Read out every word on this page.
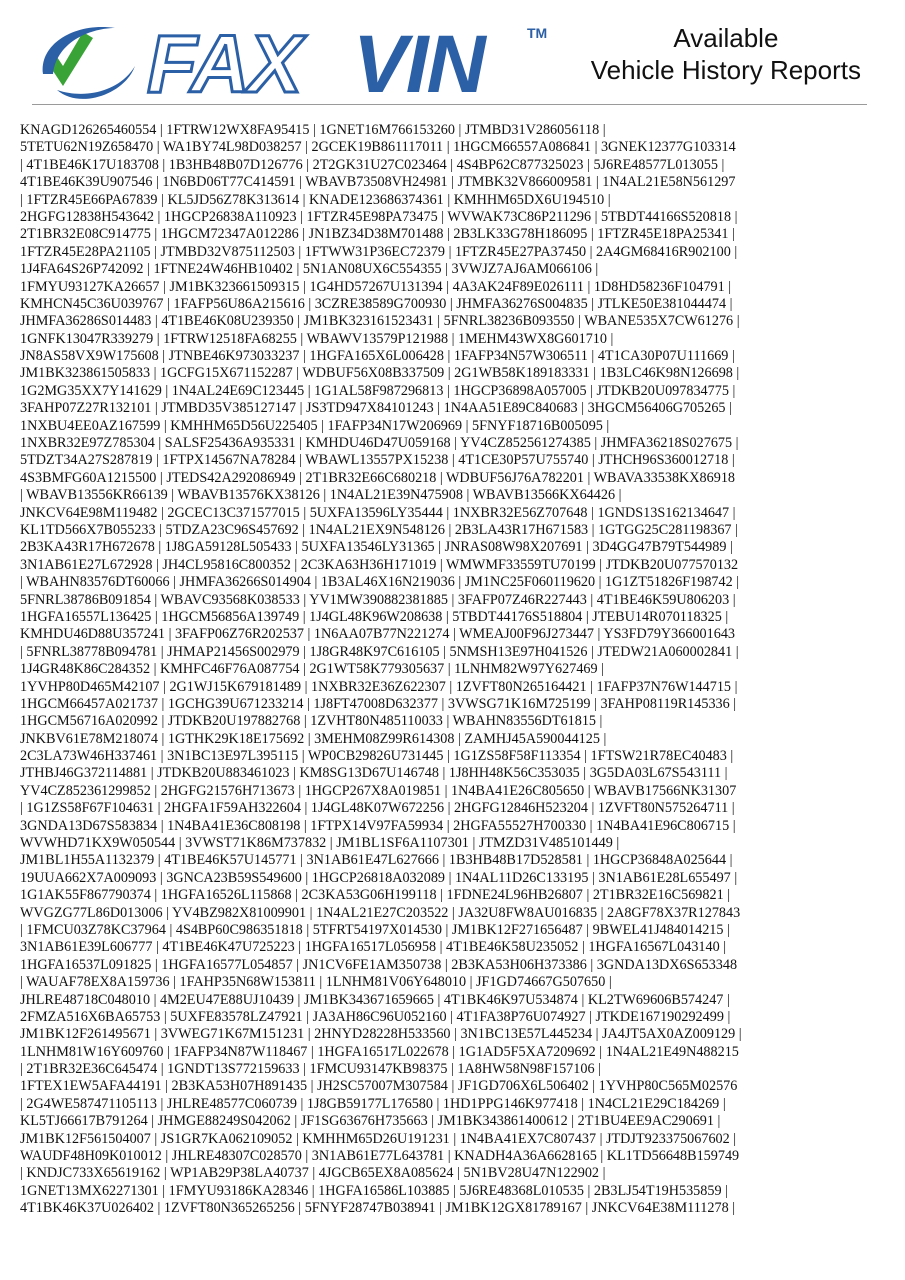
FAX VIN	TM	Available
Vehicle History Reports
KNAGD126265460554 | 1FTRW12WX8FA95415 | 1GNET16M766153260 | JTMBD31V286056118 |
5TETU62N19Z658470 | WA1BY74L98D038257 | 2GCEK19B861117011 | 1HGCM66557A086841 | 3GNEK12377G103314
| 4T1BE46K17U183708 | 1B3HB48B07D126776 | 2T2GK31U27C023464 | 4S4BP62C877325023 | 5J6RE48577L013055 |
4T1BE46K39U907546 | 1N6BD06T77C414591 | WBAVB73508VH24981 | JTMBK32V866009581 | 1N4AL21E58N561297
| 1FTZR45E66PA67839 | KL5JD56Z78K313614 | KNADE123686374361 | KMHHM65DX6U194510 |
2HGFG12838H543642 | 1HGCP26838A110923 | 1FTZR45E98PA73475 | WVWAK73C86P211296 | 5TBDT44166S520818 |
2T1BR32E08C914775 | 1HGCM72347A012286 | JN1BZ34D38M701488 | 2B3LK33G78H186095 | 1FTZR45E18PA25341 |
1FTZR45E28PA21105 | JTMBD32V875112503 | 1FTWW31P36EC72379 | 1FTZR45E27PA37450 | 2A4GM68416R902100 |
1J4FA64S26P742092 | 1FTNE24W46HB10402 | 5N1AN08UX6C554355 | 3VWJZ7AJ6AM066106 |
1FMYU93127KA26657 | JM1BK323661509315 | 1G4HD57267U131394 | 4A3AK24F89E026111 | 1D8HD58236F104791 |
KMHCN45C36U039767 | 1FAFP56U86A215616 | 3CZRE38589G700930 | JHMFA36276S004835 | JTLKE50E381044474 |
JHMFA36286S014483 | 4T1BE46K08U239350 | JM1BK323161523431 | 5FNRL38236B093550 | WBANE535X7CW61276 |
1GNFK13047R339279 | 1FTRW12518FA68255 | WBAWV13579P121988 | 1MEHM43WX8G601710 |
JN8AS58VX9W175608 | JTNBE46K973033237 | 1HGFA165X6L006428 | 1FAFP34N57W306511 | 4T1CA30P07U111669 |
JM1BK323861505833 | 1GCFG15X671152287 | WDBUF56X08B337509 | 2G1WB58K189183331 | 1B3LC46K98N126698 |
1G2MG35XX7Y141629 | 1N4AL24E69C123445 | 1G1AL58F987296813 | 1HGCP36898A057005 | JTDKB20U097834775 |
3FAHP07Z27R132101 | JTMBD35V385127147 | JS3TD947X84101243 | 1N4AA51E89C840683 | 3HGCM56406G705265 |
1NXBU4EE0AZ167599 | KMHHM65D56U225405 | 1FAFP34N17W206969 | 5FNYF18716B005095 |
1NXBR32E97Z785304 | SALSF25436A935331 | KMHDU46D47U059168 | YV4CZ852561274385 | JHMFA36218S027675 |
5TDZT34A27S287819 | 1FTPX14567NA78284 | WBAWL13557PX15238 | 4T1CE30P57U755740 | JTHCH96S360012718 |
4S3BMFG60A1215500 | JTEDS42A292086949 | 2T1BR32E66C680218 | WDBUF56J76A782201 | WBAVA33538KX86918
| WBAVB13556KR66139 | WBAVB13576KX38126 | 1N4AL21E39N475908 | WBAVB13566KX64426 |
JNKCV64E98M119482 | 2GCEC13C371577015 | 5UXFA13596LY35444 | 1NXBR32E56Z707648 | 1GNDS13S162134647 |
KL1TD566X7B055233 | 5TDZA23C96S457692 | 1N4AL21EX9N548126 | 2B3LA43R17H671583 | 1GTGG25C281198367 |
2B3KA43R17H672678 | 1J8GA59128L505433 | 5UXFA13546LY31365 | JNRAS08W98X207691 | 3D4GG47B79T544989 |
3N1AB61E27L672928 | JH4CL95816C800352 | 2C3KA63H36H171019 | WMWMF33559TU70199 | JTDKB20U077570132
| WBAHN83576DT60066 | JHMFA36266S014904 | 1B3AL46X16N219036 | JM1NC25F060119620 | 1G1ZT51826F198742 |
5FNRL38786B091854 | WBAVC93568K038533 | YV1MW390882381885 | 3FAFP07Z46R227443 | 4T1BE46K59U806203 |
1HGFA16557L136425 | 1HGCM56856A139749 | 1J4GL48K96W208638 | 5TBDT44176S518804 | JTEBU14R070118325 |
KMHDU46D88U357241 | 3FAFP06Z76R202537 | 1N6AA07B77N221274 | WMEAJ00F96J273447 | YS3FD79Y366001643
| 5FNRL38778B094781 | JHMAP21456S002979 | 1J8GR48K97C616105 | 5NMSH13E97H041526 | JTEDW21A060002841 |
1J4GR48K86C284352 | KMHFC46F76A087754 | 2G1WT58K779305637 | 1LNHM82W97Y627469 |
1YVHP80D465M42107 | 2G1WJ15K679181489 | 1NXBR32E36Z622307 | 1ZVFT80N265164421 | 1FAFP37N76W144715 |
1HGCM66457A021737 | 1GCHG39U671233214 | 1J8FT47008D632377 | 3VWSG71K16M725199 | 3FAHP08119R145336 |
1HGCM56716A020992 | JTDKB20U197882768 | 1ZVHT80N485110033 | WBAHN83556DT61815 |
JNKBV61E78M218074 | 1GTHK29K18E175692 | 3MEHM08Z99R614308 | ZAMHJ45A590044125 |
2C3LA73W46H337461 | 3N1BC13E97L395115 | WP0CB29826U731445 | 1G1ZS58F58F113354 | 1FTSW21R78EC40483 |
JTHBJ46G372114881 | JTDKB20U883461023 | KM8SG13D67U146748 | 1J8HH48K56C353035 | 3G5DA03L67S543111 |
YV4CZ852361299852 | 2HGFG21576H713673 | 1HGCP267X8A019851 | 1N4BA41E26C805650 | WBAVB17566NK31307
| 1G1ZS58F67F104631 | 2HGFA1F59AH322604 | 1J4GL48K07W672256 | 2HGFG12846H523204 | 1ZVFT80N575264711 |
3GNDA13D67S583834 | 1N4BA41E36C808198 | 1FTPX14V97FA59934 | 2HGFA55527H700330 | 1N4BA41E96C806715 |
WVWHD71KX9W050544 | 3VWST71K86M737832 | JM1BL1SF6A1107301 | JTMZD31V485101449 |
JM1BL1H55A1132379 | 4T1BE46K57U145771 | 3N1AB61E47L627666 | 1B3HB48B17D528581 | 1HGCP36848A025644 |
19UUA662X7A009093 | 3GNCA23B59S549600 | 1HGCP26818A032089 | 1N4AL11D26C133195 | 3N1AB61E28L655497 |
1G1AK55F867790374 | 1HGFA16526L115868 | 2C3KA53G06H199118 | 1FDNE24L96HB26807 | 2T1BR32E16C569821 |
WVGZG77L86D013006 | YV4BZ982X81009901 | 1N4AL21E27C203522 | JA32U8FW8AU016835 | 2A8GF78X37R127843
| 1FMCU03Z78KC37964 | 4S4BP60C986351818 | 5TFRT54197X014530 | JM1BK12F271656487 | 9BWEL41J484014215 |
3N1AB61E39L606777 | 4T1BE46K47U725223 | 1HGFA16517L056958 | 4T1BE46K58U235052 | 1HGFA16567L043140 |
1HGFA16537L091825 | 1HGFA16577L054857 | JN1CV6FE1AM350738 | 2B3KA53H06H373386 | 3GNDA13DX6S653348
| WAUAF78EX8A159736 | 1FAHP35N68W153811 | 1LNHM81V06Y648010 | JF1GD74667G507650 |
JHLRE48718C048010 | 4M2EU47E88UJ10439 | JM1BK343671659665 | 4T1BK46K97U534874 | KL2TW69606B574247 |
2FMZA516X6BA65753 | 5UXFE83578LZ47921 | JA3AH86C96U052160 | 4T1FA38P76U074927 | JTKDE167190292499 |
JM1BK12F261495671 | 3VWEG71K67M151231 | 2HNYD28228H533560 | 3N1BC13E57L445234 | JA4JT5AX0AZ009129 |
1LNHM81W16Y609760 | 1FAFP34N87W118467 | 1HGFA16517L022678 | 1G1AD5F5XA7209692 | 1N4AL21E49N488215
| 2T1BR32E36C645474 | 1GNDT13S772159633 | 1FMCU93147KB98375 | 1A8HW58N98F157106 |
1FTEX1EW5AFA44191 | 2B3KA53H07H891435 | JH2SC57007M307584 | JF1GD706X6L506402 | 1YVHP80C565M02576
| 2G4WE587471105113 | JHLRE48577C060739 | 1J8GB59177L176580 | 1HD1PPG146K977418 | 1N4CL21E29C184269 |
KL5TJ66617B791264 | JHMGE88249S042062 | JF1SG63676H735663 | JM1BK343861400612 | 2T1BU4EE9AC290691 |
JM1BK12F561504007 | JS1GR7KA062109052 | KMHHM65D26U191231 | 1N4BA41EX7C807437 | JTDJT923375067602 |
WAUDF48H09K010012 | JHLRE48307C028570 | 3N1AB61E77L643781 | KNADH4A36A6628165 | KL1TD56648B159749
| KNDJC733X65619162 | WP1AB29P38LA40737 | 4JGCB65EX8A085624 | 5N1BV28U47N122902 |
1GNET13MX62271301 | 1FMYU93186KA28346 | 1HGFA16586L103885 | 5J6RE48368L010535 | 2B3LJ54T19H535859 |
4T1BK46K37U026402 | 1ZVFT80N365265256 | 5FNYF28747B038941 | JM1BK12GX81789167 | JNKCV64E38M111278 |
